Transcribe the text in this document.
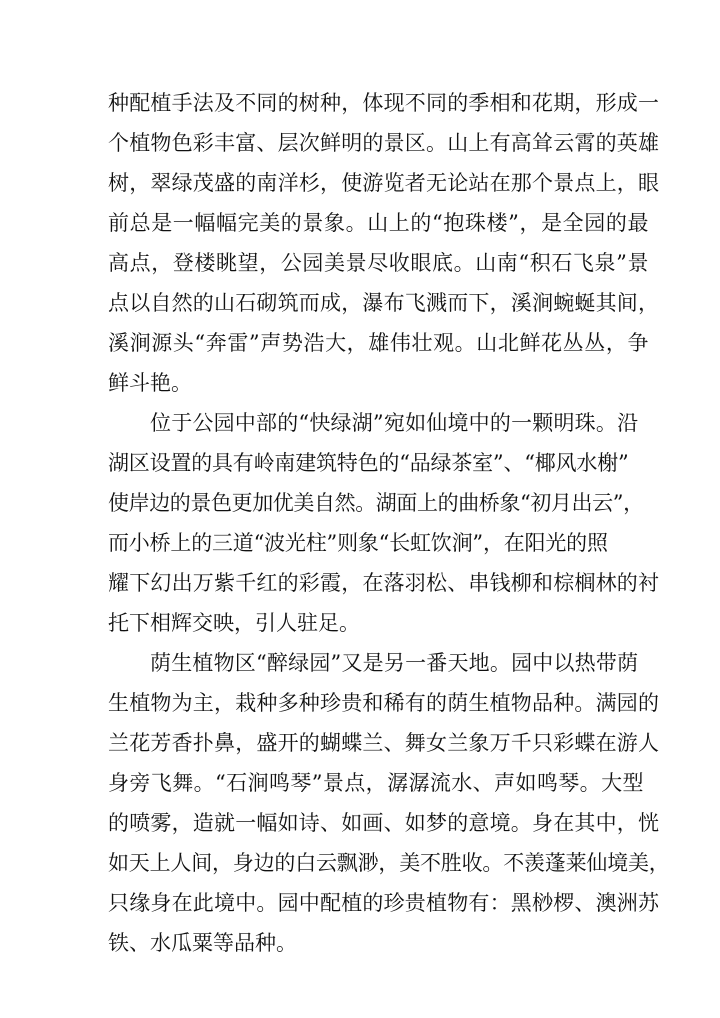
种配植手法及不同的树种，体现不同的季相和花期，形成一
个植物色彩丰富、层次鲜明的景区。山上有高耸云霄的英雄
树，翠绿茂盛的南洋杉，使游览者无论站在那个景点上，眼
前总是一幅幅完美的景象。山上的“抱珠楼”，是全园的最
高点，登楼眺望，公园美景尽收眼底。山南“积石飞泉”景
点以自然的山石砌筑而成，瀑布飞溅而下，溪涧蜿蜒其间，
溪涧源头“奔雷”声势浩大，雄伟壮观。山北鲜花丛丛，争
鲜斗艳。
位于公园中部的“快绿湖”宛如仙境中的一颗明珠。沿
湖区设置的具有岭南建筑特色的“品绿茶室”、“椰风水榭”
使岸边的景色更加优美自然。湖面上的曲桥象“初月出云”，
而小桥上的三道“波光柱”则象“长虹饮涧”，在阳光的照
耀下幻出万紫千红的彩霞，在落羽松、串钱柳和棕榈林的衬
托下相辉交映，引人驻足。
荫生植物区“醉绿园”又是另一番天地。园中以热带荫
生植物为主，栽种多种珍贵和稀有的荫生植物品种。满园的
兰花芳香扑鼻，盛开的蝴蝶兰、舞女兰象万千只彩蝶在游人
身旁飞舞。“石涧鸣琴”景点，潺潺流水、声如鸣琴。大型
的喷雾，造就一幅如诗、如画、如梦的意境。身在其中，恍
如天上人间，身边的白云飘渺，美不胜收。不羡蓬莱仙境美，
只缘身在此境中。园中配植的珍贵植物有：黑桫椤、澳洲苏
铁、水瓜粟等品种。
